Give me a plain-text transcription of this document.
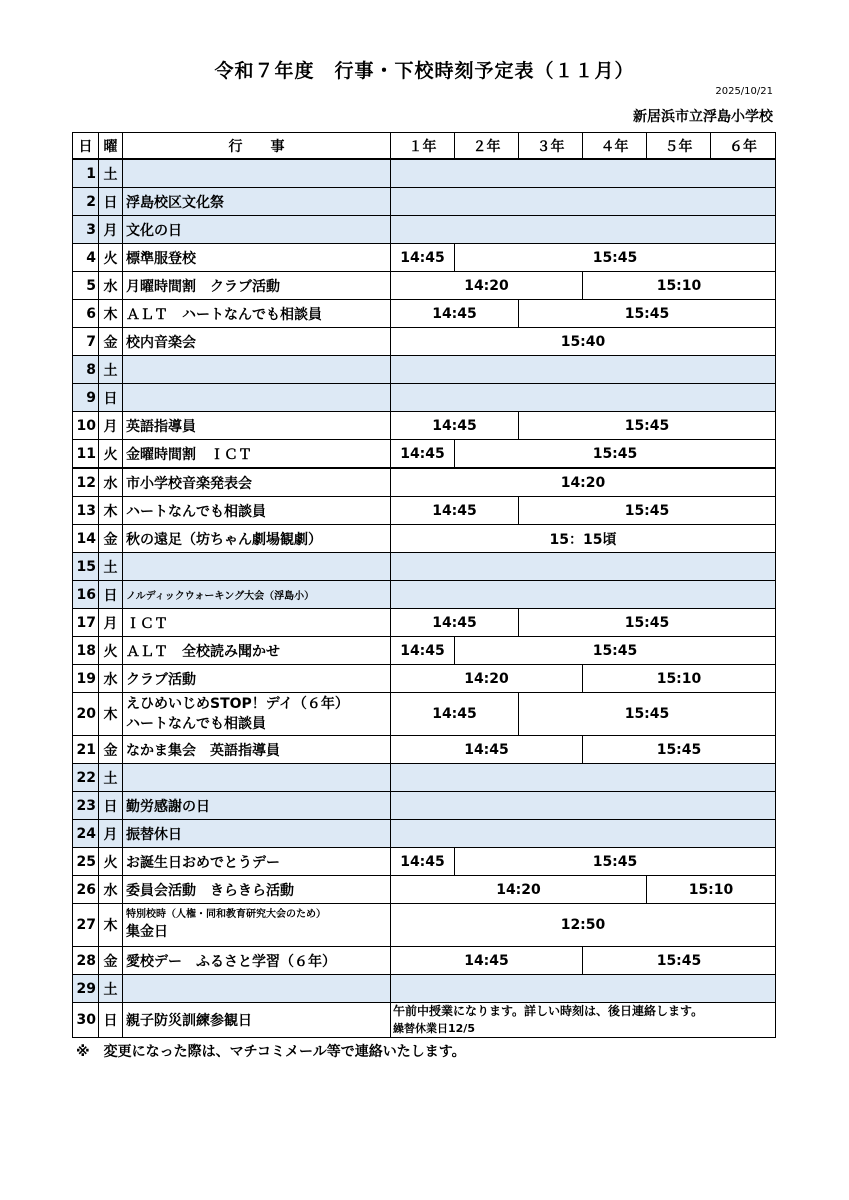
令和７年度　行事・下校時刻予定表（１１月）
2025/10/21
新居浜市立浮島小学校
日	曜	行　　事	１年	２年	３年	４年	５年	６年
1	土							
2	日	浮島校区文化祭						
3	月	文化の日						
4	火	標準服登校	14:45	15:45				
5	水	月曜時間割　クラブ活動	14:20			15:10		
6	木	ＡＬＴ　ハートなんでも相談員	14:45		15:45			
7	金	校内音楽会	15:40					
8	土							
9	日							
10	月	英語指導員	14:45		15:45			
11	火	金曜時間割　ＩＣＴ	14:45	15:45				
12	水	市小学校音楽発表会	14:20					
13	木	ハートなんでも相談員	14:45		15:45			
14	金	秋の遠足（坊ちゃん劇場観劇）	15：15頃					
15	土							
16	日	ノルディックウォーキング大会（浮島小）						
17	月	ＩＣＴ	14:45		15:45			
18	火	ＡＬＴ　全校読み聞かせ	14:45	15:45				
19	水	クラブ活動	14:20			15:10		
20	木	えひめいじめSTOP！デイ（６年）
ハートなんでも相談員	14:45		15:45			
21	金	なかま集会　英語指導員	14:45			15:45		
22	土							
23	日	勤労感謝の日						
24	月	振替休日						
25	火	お誕生日おめでとうデー	14:45	15:45				
26	水	委員会活動　きらきら活動	14:20				15:10	
27	木	特別校時（人権・同和教育研究大会のため）
集金日	12:50					
28	金	愛校デー　ふるさと学習（６年）	14:45			15:45		
29	土							
30	日	親子防災訓練参観日	午前中授業になります。詳しい時刻は、後日連絡します。
繰替休業日12/5					
※　変更になった際は、マチコミメール等で連絡いたします。
